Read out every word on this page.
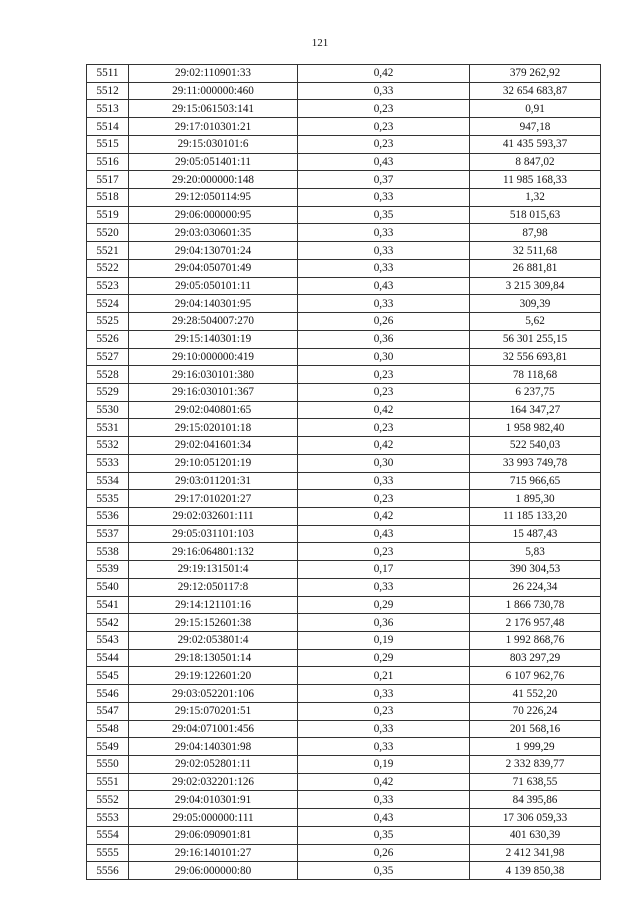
121
5511	29:02:110901:33	0,42	379 262,92
5512	29:11:000000:460	0,33	32 654 683,87
5513	29:15:061503:141	0,23	0,91
5514	29:17:010301:21	0,23	947,18
5515	29:15:030101:6	0,23	41 435 593,37
5516	29:05:051401:11	0,43	8 847,02
5517	29:20:000000:148	0,37	11 985 168,33
5518	29:12:050114:95	0,33	1,32
5519	29:06:000000:95	0,35	518 015,63
5520	29:03:030601:35	0,33	87,98
5521	29:04:130701:24	0,33	32 511,68
5522	29:04:050701:49	0,33	26 881,81
5523	29:05:050101:11	0,43	3 215 309,84
5524	29:04:140301:95	0,33	309,39
5525	29:28:504007:270	0,26	5,62
5526	29:15:140301:19	0,36	56 301 255,15
5527	29:10:000000:419	0,30	32 556 693,81
5528	29:16:030101:380	0,23	78 118,68
5529	29:16:030101:367	0,23	6 237,75
5530	29:02:040801:65	0,42	164 347,27
5531	29:15:020101:18	0,23	1 958 982,40
5532	29:02:041601:34	0,42	522 540,03
5533	29:10:051201:19	0,30	33 993 749,78
5534	29:03:011201:31	0,33	715 966,65
5535	29:17:010201:27	0,23	1 895,30
5536	29:02:032601:111	0,42	11 185 133,20
5537	29:05:031101:103	0,43	15 487,43
5538	29:16:064801:132	0,23	5,83
5539	29:19:131501:4	0,17	390 304,53
5540	29:12:050117:8	0,33	26 224,34
5541	29:14:121101:16	0,29	1 866 730,78
5542	29:15:152601:38	0,36	2 176 957,48
5543	29:02:053801:4	0,19	1 992 868,76
5544	29:18:130501:14	0,29	803 297,29
5545	29:19:122601:20	0,21	6 107 962,76
5546	29:03:052201:106	0,33	41 552,20
5547	29:15:070201:51	0,23	70 226,24
5548	29:04:071001:456	0,33	201 568,16
5549	29:04:140301:98	0,33	1 999,29
5550	29:02:052801:11	0,19	2 332 839,77
5551	29:02:032201:126	0,42	71 638,55
5552	29:04:010301:91	0,33	84 395,86
5553	29:05:000000:111	0,43	17 306 059,33
5554	29:06:090901:81	0,35	401 630,39
5555	29:16:140101:27	0,26	2 412 341,98
5556	29:06:000000:80	0,35	4 139 850,38
